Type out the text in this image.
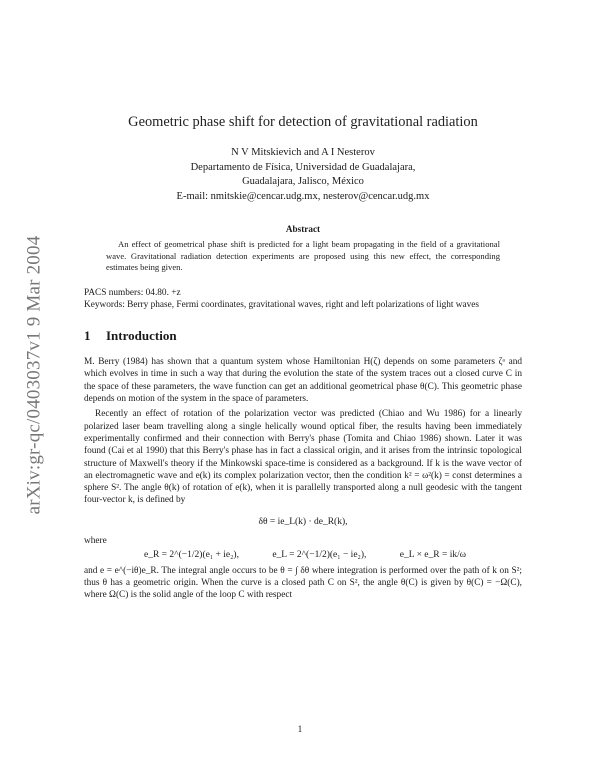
arXiv:gr-qc/0403037v1 9 Mar 2004
Geometric phase shift for detection of gravitational radiation
N V Mitskievich and A I Nesterov
Departamento de Física, Universidad de Guadalajara,
Guadalajara, Jalisco, México
E-mail: nmitskie@cencar.udg.mx, nesterov@cencar.udg.mx
Abstract

An effect of geometrical phase shift is predicted for a light beam propagating in the field of a gravitational wave. Gravitational radiation detection experiments are proposed using this new effect, the corresponding estimates being given.

PACS numbers: 04.80. +z
Keywords: Berry phase, Fermi coordinates, gravitational waves, right and left polarizations of light waves
1 Introduction

M. Berry (1984) has shown that a quantum system whose Hamiltonian H(ζ) depends on some parameters ζᵃ and which evolves in time in such a way that during the evolution the state of the system traces out a closed curve C in the space of these parameters, the wave function can get an additional geometrical phase θ(C). This geometric phase depends on motion of the system in the space of parameters.

Recently an effect of rotation of the polarization vector was predicted (Chiao and Wu 1986) for a linearly polarized laser beam travelling along a single helically wound optical fiber, the results having been immediately experimentally confirmed and their connection with Berry's phase (Tomita and Chiao 1986) shown. Later it was found (Cai et al 1990) that this Berry's phase has in fact a classical origin, and it arises from the intrinsic topological structure of Maxwell's theory if the Minkowski space-time is considered as a background. If k is the wave vector of an electromagnetic wave and e(k) its complex polarization vector, then the condition k² = ω²(k) = const determines a sphere S². The angle θ(k) of rotation of e(k), when it is parallelly transported along a null geodesic with the tangent four-vector k, is defined by

δθ = ie_L(k) · de_R(k),
where
e_R = 2^(−1/2)(e₁ + ie₂),	e_L = 2^(−1/2)(e₁ − ie₂),	e_L × e_R = ik/ω

and e = e^(−iθ)e_R. The integral angle occurs to be θ = ∫ δθ where integration is performed over the path of k on S²; thus θ has a geometric origin. When the curve is a closed path C on S², the angle θ(C) is given by θ(C) = −Ω(C), where Ω(C) is the solid angle of the loop C with respect

1
